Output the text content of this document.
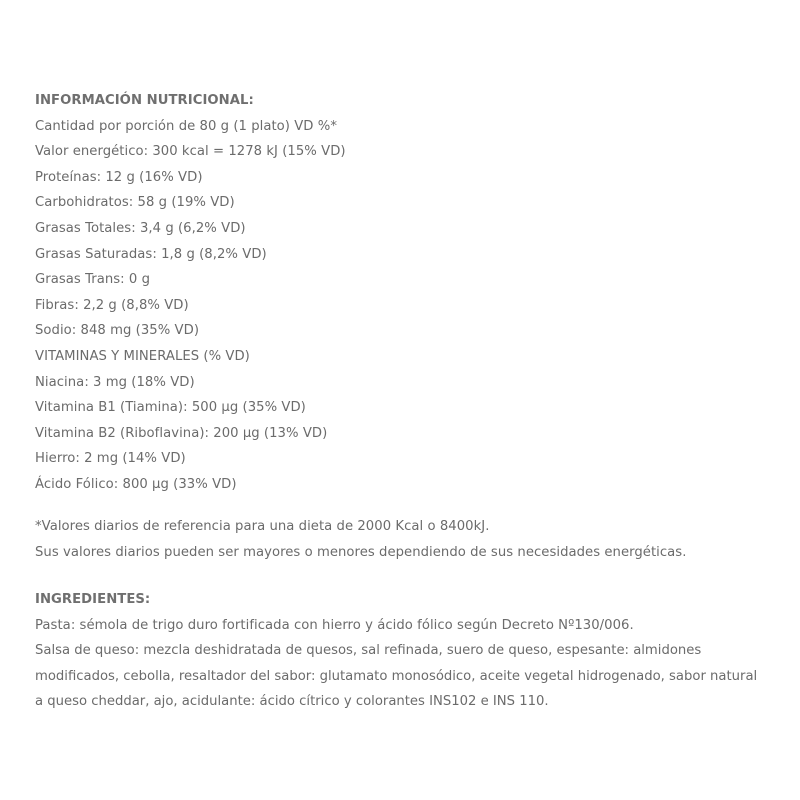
INFORMACIÓN NUTRICIONAL:
Cantidad por porción de 80 g (1 plato) VD %*
Valor energético: 300 kcal = 1278 kJ (15% VD)
Proteínas: 12 g (16% VD)
Carbohidratos: 58 g (19% VD)
Grasas Totales: 3,4 g (6,2% VD)
Grasas Saturadas: 1,8 g (8,2% VD)
Grasas Trans: 0 g
Fibras: 2,2 g (8,8% VD)
Sodio: 848 mg (35% VD)
VITAMINAS Y MINERALES (% VD)
Niacina: 3 mg (18% VD)
Vitamina B1 (Tiamina): 500 μg (35% VD)
Vitamina B2 (Riboflavina): 200 μg (13% VD)
Hierro: 2 mg (14% VD)
Ácido Fólico: 800 μg (33% VD)
*Valores diarios de referencia para una dieta de 2000 Kcal o 8400kJ.
Sus valores diarios pueden ser mayores o menores dependiendo de sus necesidades energéticas.
INGREDIENTES:
Pasta: sémola de trigo duro fortificada con hierro y ácido fólico según Decreto Nº130/006.
Salsa de queso: mezcla deshidratada de quesos, sal refinada, suero de queso, espesante: almidones modificados, cebolla, resaltador del sabor: glutamato monosódico, aceite vegetal hidrogenado, sabor natural a queso cheddar, ajo, acidulante: ácido cítrico y colorantes INS102 e INS 110.
